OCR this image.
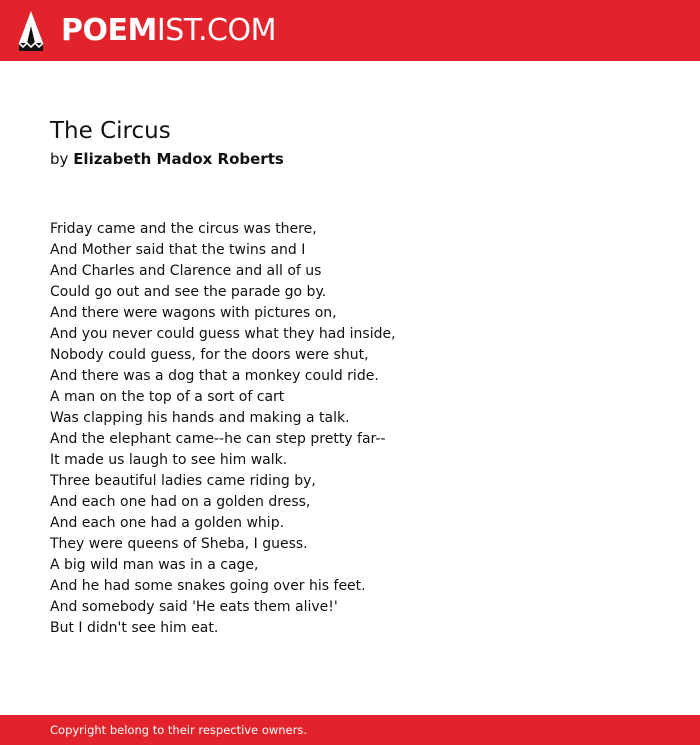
POEMIST.COM
The Circus
by Elizabeth Madox Roberts
Friday came and the circus was there,
And Mother said that the twins and I
And Charles and Clarence and all of us
Could go out and see the parade go by.
And there were wagons with pictures on,
And you never could guess what they had inside,
Nobody could guess, for the doors were shut,
And there was a dog that a monkey could ride.
A man on the top of a sort of cart
Was clapping his hands and making a talk.
And the elephant came--he can step pretty far--
It made us laugh to see him walk.
Three beautiful ladies came riding by,
And each one had on a golden dress,
And each one had a golden whip.
They were queens of Sheba, I guess.
A big wild man was in a cage,
And he had some snakes going over his feet.
And somebody said 'He eats them alive!'
But I didn't see him eat.
Copyright belong to their respective owners.
